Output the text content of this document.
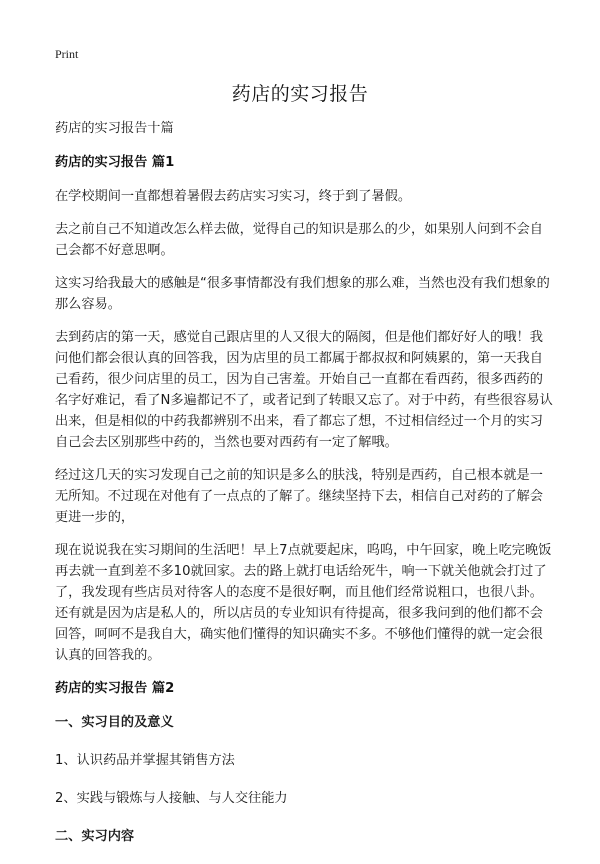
Print
药店的实习报告

药店的实习报告十篇

药店的实习报告 篇1

在学校期间一直都想着暑假去药店实习实习，终于到了暑假。

去之前自己不知道改怎么样去做，觉得自己的知识是那么的少，如果别人问到不会自己会都不好意思啊。

这实习给我最大的感触是“很多事情都没有我们想象的那么难，当然也没有我们想象的那么容易。

去到药店的第一天，感觉自己跟店里的人又很大的隔阂，但是他们都好好人的哦！我问他们都会很认真的回答我，因为店里的员工都属于都叔叔和阿姨累的，第一天我自己看药，很少问店里的员工，因为自己害羞。开始自己一直都在看西药，很多西药的名字好难记，看了N多遍都记不了，或者记到了转眼又忘了。对于中药，有些很容易认出来，但是相似的中药我都辨别不出来，看了都忘了想，不过相信经过一个月的实习自己会去区别那些中药的，当然也要对西药有一定了解哦。

经过这几天的实习发现自己之前的知识是多么的肤浅，特别是西药，自己根本就是一无所知。不过现在对他有了一点点的了解了。继续坚持下去，相信自己对药的了解会更进一步的，

现在说说我在实习期间的生活吧！早上7点就要起床，呜呜，中午回家，晚上吃完晚饭再去就一直到差不多10就回家。去的路上就打电话给死牛，响一下就关他就会打过了了，我发现有些店员对待客人的态度不是很好啊，而且他们经常说粗口，也很八卦。还有就是因为店是私人的，所以店员的专业知识有待提高，很多我问到的他们都不会回答，呵呵不是我自大，确实他们懂得的知识确实不多。不够他们懂得的就一定会很认真的回答我的。

药店的实习报告 篇2

一、实习目的及意义

1、认识药品并掌握其销售方法

2、实践与锻炼与人接触、与人交往能力

二、实习内容
